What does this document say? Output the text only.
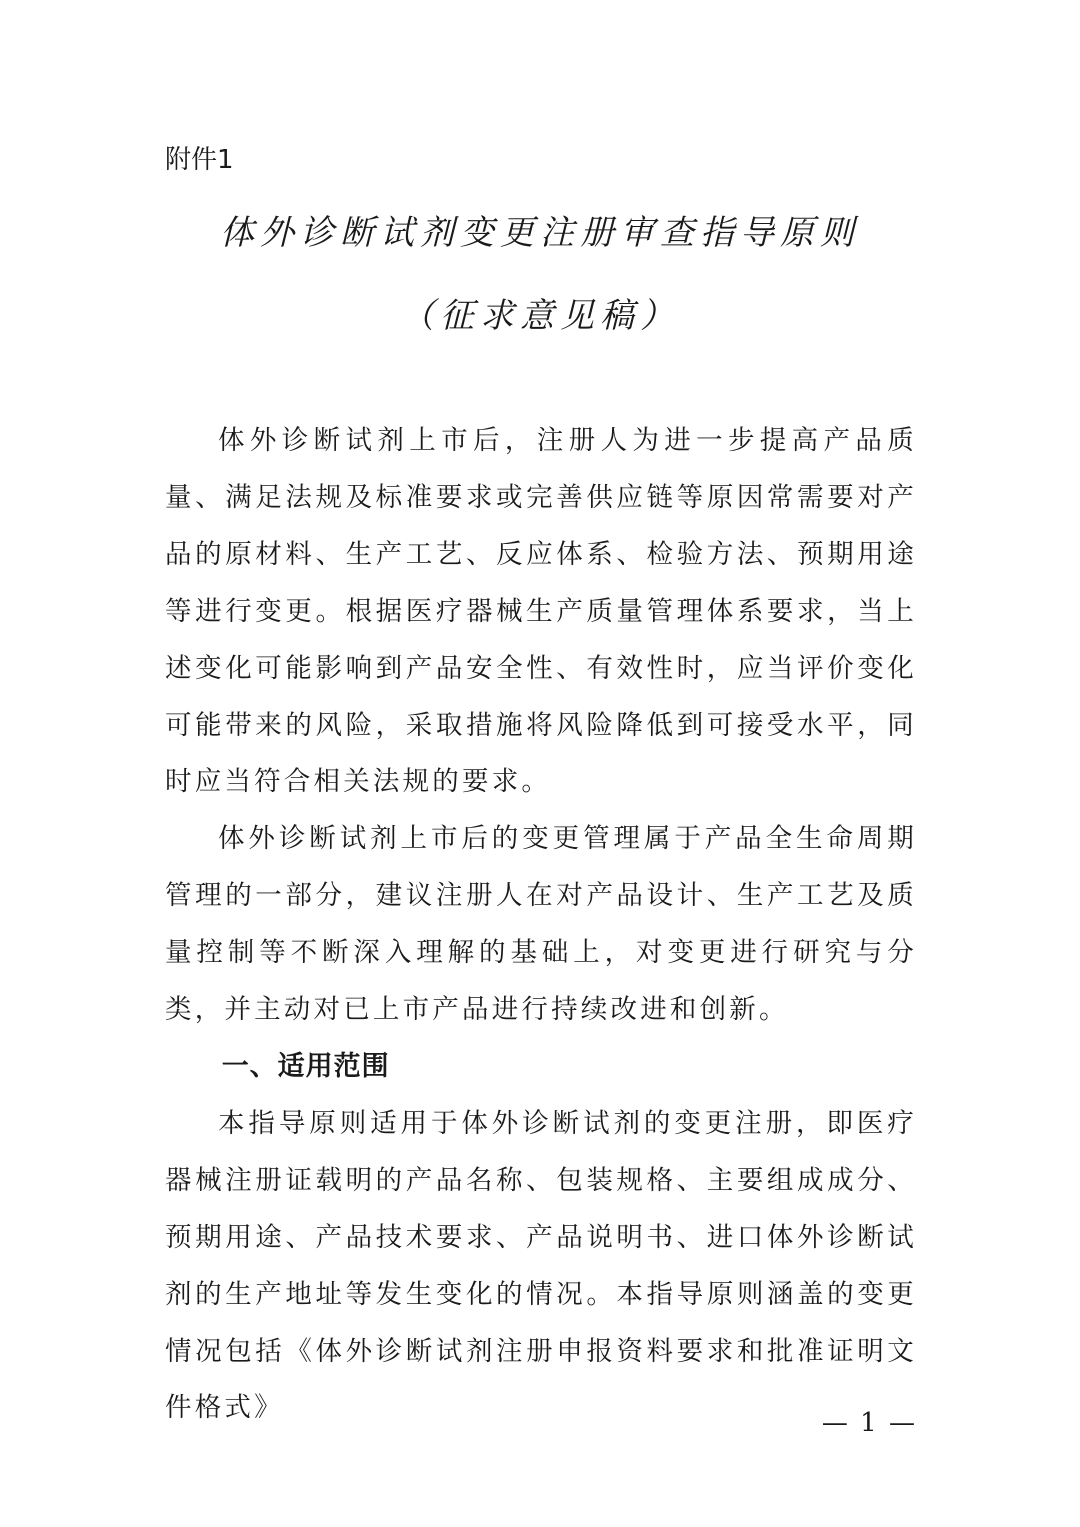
附件1
体外诊断试剂变更注册审查指导原则
（征求意见稿）

体外诊断试剂上市后，注册人为进一步提高产品质量、满足法规及标准要求或完善供应链等原因常需要对产品的原材料、生产工艺、反应体系、检验方法、预期用途等进行变更。根据医疗器械生产质量管理体系要求，当上述变化可能影响到产品安全性、有效性时，应当评价变化可能带来的风险，采取措施将风险降低到可接受水平，同时应当符合相关法规的要求。

体外诊断试剂上市后的变更管理属于产品全生命周期管理的一部分，建议注册人在对产品设计、生产工艺及质量控制等不断深入理解的基础上，对变更进行研究与分类，并主动对已上市产品进行持续改进和创新。

一、适用范围

本指导原则适用于体外诊断试剂的变更注册，即医疗器械注册证载明的产品名称、包装规格、主要组成成分、预期用途、产品技术要求、产品说明书、进口体外诊断试剂的生产地址等发生变化的情况。本指导原则涵盖的变更情况包括《体外诊断试剂注册申报资料要求和批准证明文件格式》	— 1 —
